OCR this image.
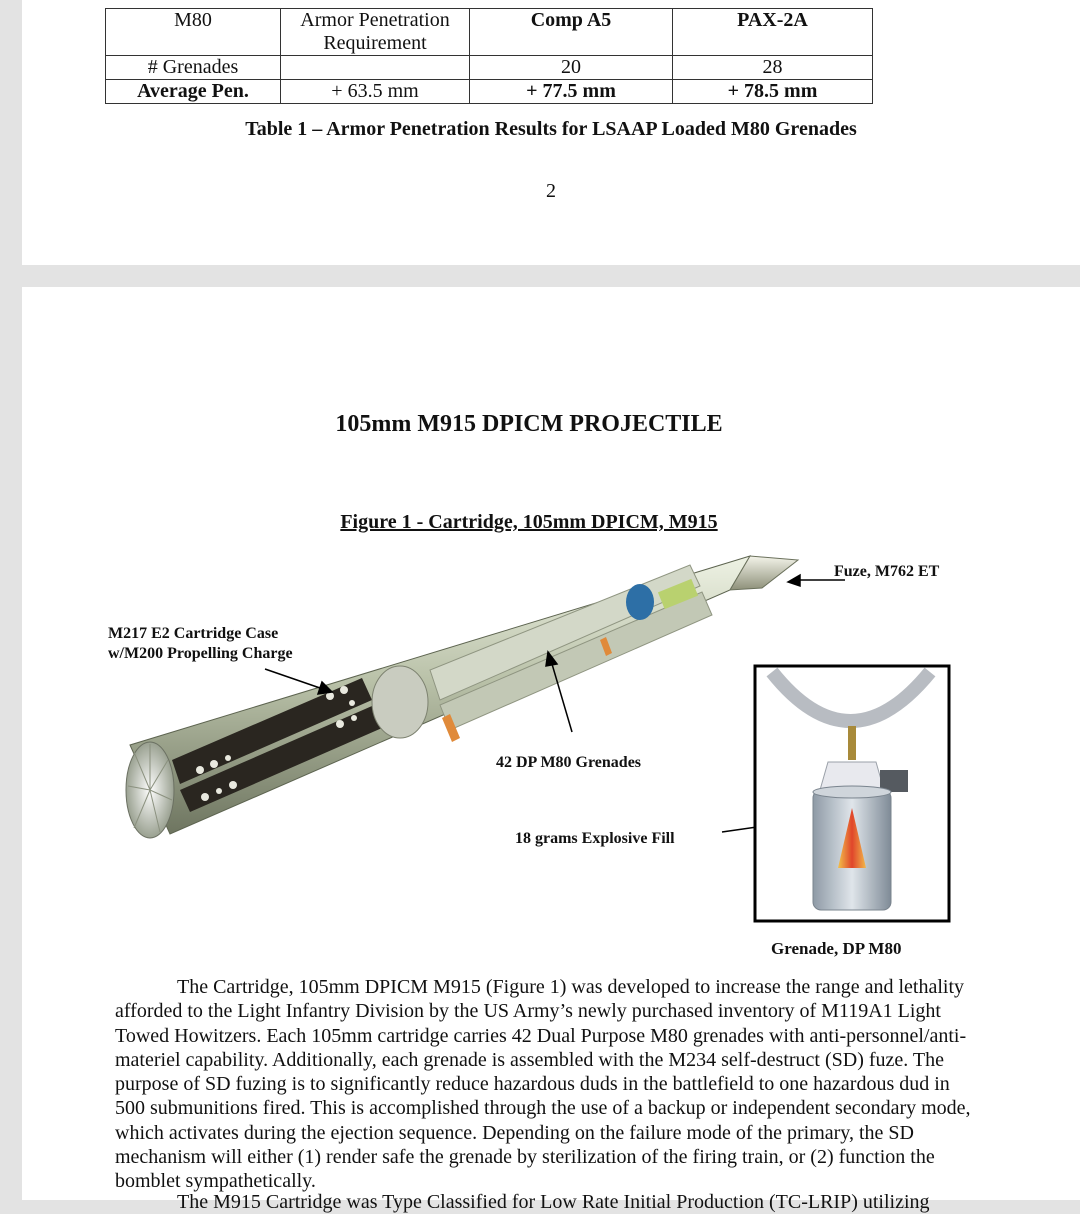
M80	Armor Penetration Requirement	Comp A5	PAX-2A
# Grenades		20	28
Average Pen.	+ 63.5 mm	+ 77.5 mm	+ 78.5 mm
Table 1 – Armor Penetration Results for LSAAP Loaded M80 Grenades
2
105mm M915 DPICM PROJECTILE
Figure 1 - Cartridge, 105mm DPICM, M915
Fuze, M762 ET
M217 E2 Cartridge Case
w/M200 Propelling Charge
42 DP M80 Grenades
18 grams Explosive Fill
Grenade, DP M80
The Cartridge, 105mm DPICM M915 (Figure 1) was developed to increase the range and lethality afforded to the Light Infantry Division by the US Army’s newly purchased inventory of M119A1 Light Towed Howitzers. Each 105mm cartridge carries 42 Dual Purpose M80 grenades with anti-personnel/anti-materiel capability. Additionally, each grenade is assembled with the M234 self-destruct (SD) fuze. The purpose of SD fuzing is to significantly reduce hazardous duds in the battlefield to one hazardous dud in 500 submunitions fired. This is accomplished through the use of a backup or independent secondary mode, which activates during the ejection sequence. Depending on the failure mode of the primary, the SD mechanism will either (1) render safe the grenade by sterilization of the firing train, or (2) function the bomblet sympathetically.
The M915 Cartridge was Type Classified for Low Rate Initial Production (TC-LRIP) utilizing
